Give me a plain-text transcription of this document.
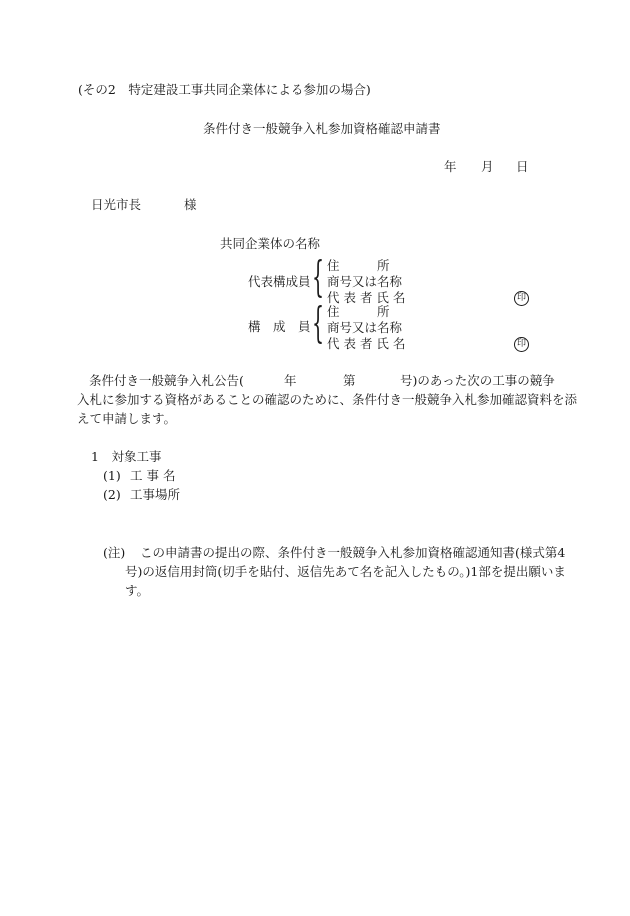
(その2　特定建設工事共同企業体による参加の場合)
条件付き一般競争入札参加資格確認申請書
年 月 日
日光市長	様
共同企業体の名称
代表構成員 { 住　　　所
商号又は名称
代 表 者 氏 名	印
構　成　員 { 住　　　所
商号又は名称
代 表 者 氏 名	印
条件付き一般競争入札公告(	年	第	号)のあった次の工事の競争
入札に参加する資格があることの確認のために、条件付き一般競争入札参加確認資料を添
えて申請します。
1　対象工事
(1) 工 事 名
(2) 工事場所
(注) この申請書の提出の際、条件付き一般競争入札参加資格確認通知書(様式第4
号)の返信用封筒(切手を貼付、返信先あて名を記入したもの。)1部を提出願いま
す。
